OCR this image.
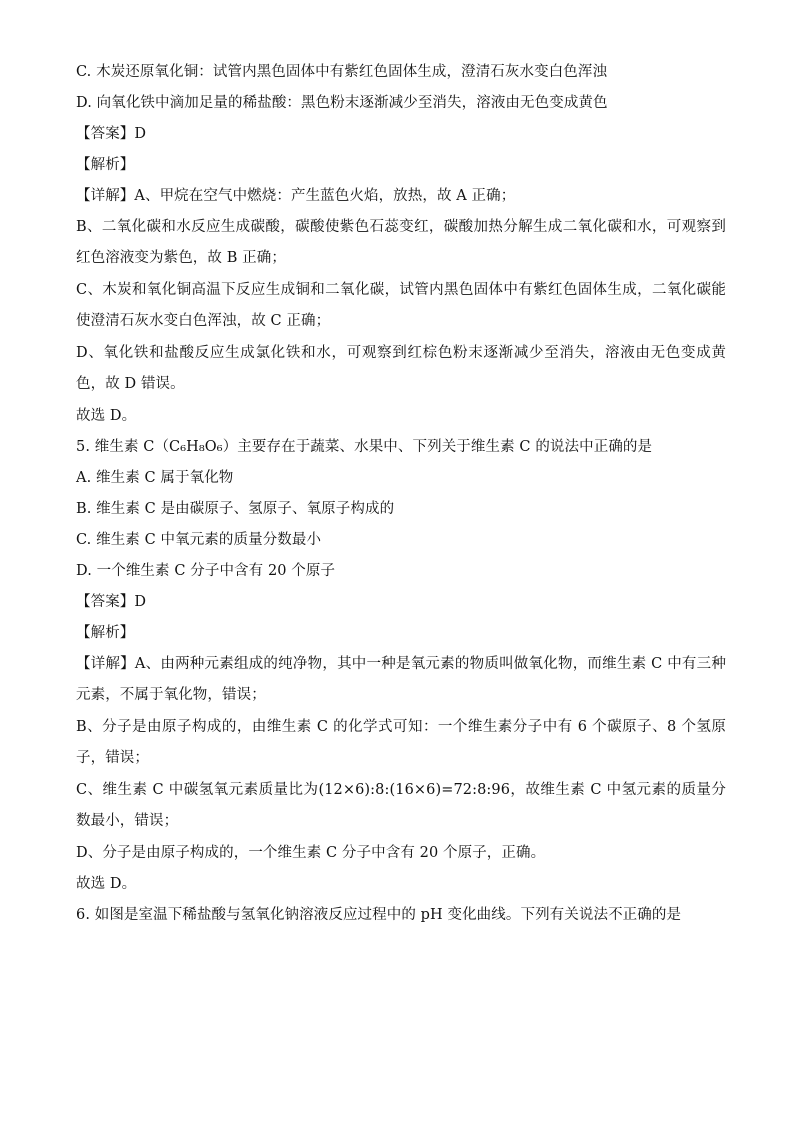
C. 木炭还原氧化铜：试管内黑色固体中有紫红色固体生成，澄清石灰水变白色浑浊
D. 向氧化铁中滴加足量的稀盐酸：黑色粉末逐渐减少至消失，溶液由无色变成黄色
【答案】D
【解析】
【详解】A、甲烷在空气中燃烧：产生蓝色火焰，放热，故 A 正确；
B、二氧化碳和水反应生成碳酸，碳酸使紫色石蕊变红，碳酸加热分解生成二氧化碳和水，可观察到红色溶液变为紫色，故 B 正确；
C、木炭和氧化铜高温下反应生成铜和二氧化碳，试管内黑色固体中有紫红色固体生成，二氧化碳能使澄清石灰水变白色浑浊，故 C 正确；
D、氧化铁和盐酸反应生成氯化铁和水，可观察到红棕色粉末逐渐减少至消失，溶液由无色变成黄色，故 D 错误。
故选 D。
5. 维生素 C（C₆H₈O₆）主要存在于蔬菜、水果中、下列关于维生素 C 的说法中正确的是
A. 维生素 C 属于氧化物
B. 维生素 C 是由碳原子、氢原子、氧原子构成的
C. 维生素 C 中氧元素的质量分数最小
D. 一个维生素 C 分子中含有 20 个原子
【答案】D
【解析】
【详解】A、由两种元素组成的纯净物，其中一种是氧元素的物质叫做氧化物，而维生素 C 中有三种元素，不属于氧化物，错误；
B、分子是由原子构成的，由维生素 C 的化学式可知：一个维生素分子中有 6 个碳原子、8 个氢原子，错误；
C、维生素 C 中碳氢氧元素质量比为(12×6):8:(16×6)=72:8:96，故维生素 C 中氢元素的质量分数最小，错误；
D、分子是由原子构成的，一个维生素 C 分子中含有 20 个原子，正确。
故选 D。
6. 如图是室温下稀盐酸与氢氧化钠溶液反应过程中的 pH 变化曲线。下列有关说法不正确的是
